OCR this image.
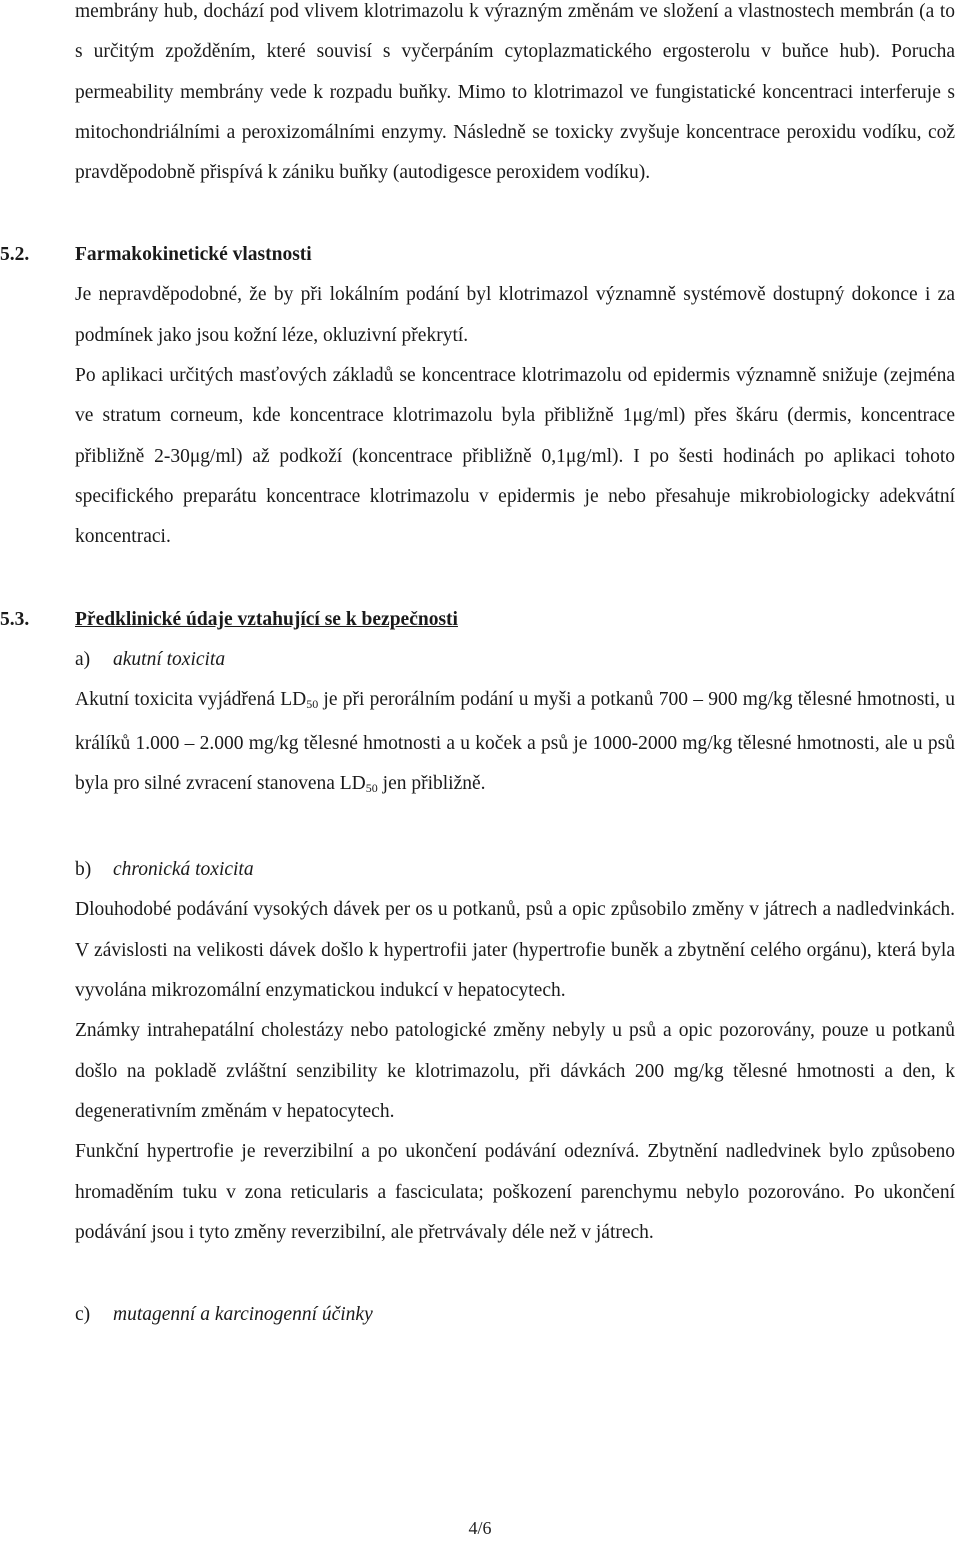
membrány hub, dochází pod vlivem klotrimazolu k výrazným změnám ve složení a vlastnostech membrán (a to s určitým zpožděním, které souvisí s vyčerpáním cytoplazmatického ergosterolu v buňce hub). Porucha permeability membrány vede k rozpadu buňky. Mimo to klotrimazol ve fungistatické koncentraci interferuje s mitochondriálními a peroxizomálními enzymy. Následně se toxicky zvyšuje koncentrace peroxidu vodíku, což pravděpodobně přispívá k zániku buňky (autodigesce peroxidem vodíku).

5.2. Farmakokinetické vlastnosti

Je nepravděpodobné, že by při lokálním podání byl klotrimazol významně systémově dostupný dokonce i za podmínek jako jsou kožní léze, okluzivní překrytí.

Po aplikaci určitých masťových základů se koncentrace klotrimazolu od epidermis významně snižuje (zejména ve stratum corneum, kde koncentrace klotrimazolu byla přibližně 1μg/ml) přes škáru (dermis, koncentrace přibližně 2-30μg/ml) až podkoží (koncentrace přibližně 0,1μg/ml). I po šesti hodinách po aplikaci tohoto specifického preparátu koncentrace klotrimazolu v epidermis je nebo přesahuje mikrobiologicky adekvátní koncentraci.

5.3. Předklinické údaje vztahující se k bezpečnosti
a) akutní toxicita

Akutní toxicita vyjádřená $LD_{50}$ je při perorálním podání u myši a potkanů 700 – 900 mg/kg tělesné hmotnosti, u králíků 1.000 – 2.000 mg/kg tělesné hmotnosti a u koček a psů je 1000-2000 mg/kg tělesné hmotnosti, ale u psů byla pro silné zvracení stanovena $LD_{50}$ jen přibližně.

b) chronická toxicita

Dlouhodobé podávání vysokých dávek per os u potkanů, psů a opic způsobilo změny v játrech a nadledvinkách. V závislosti na velikosti dávek došlo k hypertrofii jater (hypertrofie buněk a zbytnění celého orgánu), která byla vyvolána mikrozomální enzymatickou indukcí v hepatocytech.

Známky intrahepatální cholestázy nebo patologické změny nebyly u psů a opic pozorovány, pouze u potkanů došlo na pokladě zvláštní senzibility ke klotrimazolu, při dávkách 200 mg/kg tělesné hmotnosti a den, k degenerativním změnám v hepatocytech.

Funkční hypertrofie je reverzibilní a po ukončení podávání odeznívá. Zbytnění nadledvinek bylo způsobeno hromaděním tuku v zona reticularis a fasciculata; poškození parenchymu nebylo pozorováno. Po ukončení podávání jsou i tyto změny reverzibilní, ale přetrvávaly déle než v játrech.

c) mutagenní a karcinogenní účinky
4/6
